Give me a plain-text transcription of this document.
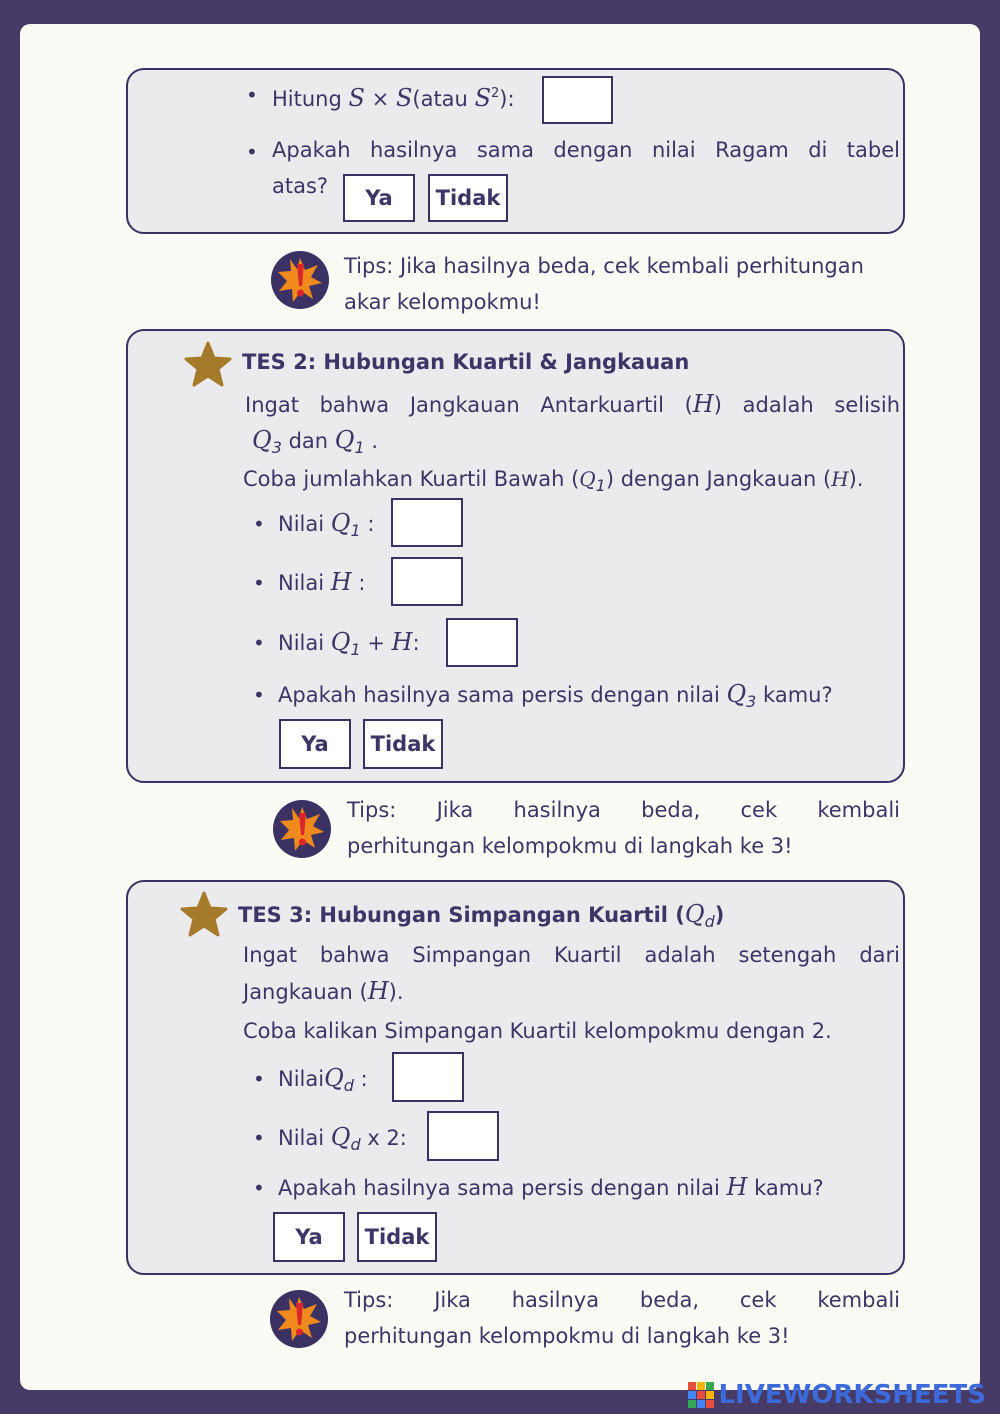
• Hitung S × S(atau $S^2$):
• Apakah hasilnya sama dengan nilai Ragam di tabel
atas?	Ya	Tidak
Tips: Jika hasilnya beda, cek kembali perhitungan
akar kelompokmu!
TES 2: Hubungan Kuartil & Jangkauan
Ingat bahwa Jangkauan Antarkuartil (H) adalah selisih
$Q_3$ dan $Q_1$ .
Coba jumlahkan Kuartil Bawah $(Q_1)$ dengan Jangkauan (H).
• Nilai $Q_1$ :
• Nilai H :
• Nilai $Q_1 + H$:
• Apakah hasilnya sama persis dengan nilai $Q_3$ kamu?
Ya	Tidak
Tips: Jika hasilnya beda, cek kembali
perhitungan kelompokmu di langkah ke 3!
TES 3: Hubungan Simpangan Kuartil $(Q_d)$
Ingat bahwa Simpangan Kuartil adalah setengah dari
Jangkauan (H).
Coba kalikan Simpangan Kuartil kelompokmu dengan 2.
• NilaiQ$_d$ :
• Nilai $Q_d$ x 2:
• Apakah hasilnya sama persis dengan nilai H kamu?
Ya	Tidak
Tips: Jika hasilnya beda, cek kembali
perhitungan kelompokmu di langkah ke 3!
LIVEWORKSHEETS
